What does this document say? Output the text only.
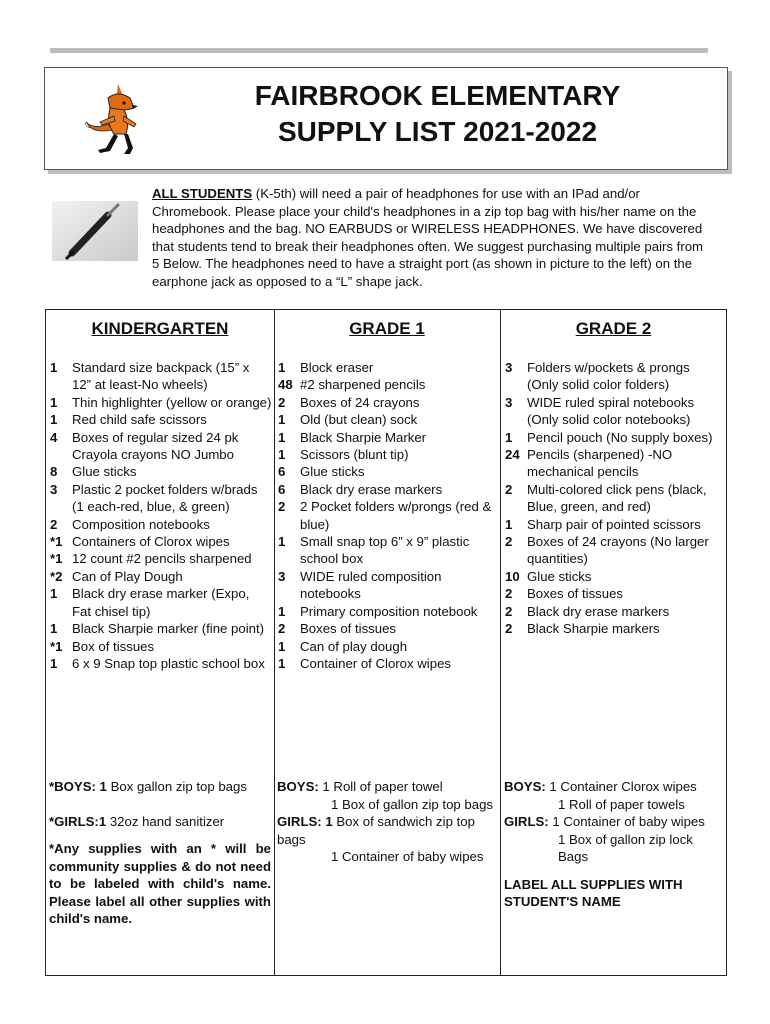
FAIRBROOK ELEMENTARY
SUPPLY LIST 2021-2022
ALL STUDENTS (K-5th) will need a pair of headphones for use with an IPad and/or Chromebook. Please place your child's headphones in a zip top bag with his/her name on the headphones and the bag. NO EARBUDS or WIRELESS HEADPHONES. We have discovered that students tend to break their headphones often. We suggest purchasing multiple pairs from 5 Below. The headphones need to have a straight port (as shown in picture to the left) on the earphone jack as opposed to a “L” shape jack.
KINDERGARTEN
1	Standard size backpack (15” x 12” at least-No wheels)
1	Thin highlighter (yellow or orange)
1	Red child safe scissors
4	Boxes of regular sized 24 pk Crayola crayons NO Jumbo
8	Glue sticks
3	Plastic 2 pocket folders w/brads (1 each-red, blue, & green)
2	Composition notebooks
*1 Containers of Clorox wipes
*1 12 count #2 pencils sharpened
*2 Can of Play Dough
1	Black dry erase marker (Expo, Fat chisel tip)
1	Black Sharpie marker (fine point)
*1 Box of tissues
1	6 x 9 Snap top plastic school box
*BOYS: 1 Box gallon zip top bags
*GIRLS:1 32oz hand sanitizer
*Any supplies with an * will be community supplies & do not need to be labeled with child's name. Please label all other supplies with child's name.
GRADE 1
1	Block eraser
48 #2 sharpened pencils
2	Boxes of 24 crayons
1	Old (but clean) sock
1	Black Sharpie Marker
1	Scissors (blunt tip)
6	Glue sticks
6	Black dry erase markers
2	2 Pocket folders w/prongs (red & blue)
1	Small snap top 6” x 9” plastic school box
3	WIDE ruled composition notebooks
1	Primary composition notebook
2	Boxes of tissues
1	Can of play dough
1	Container of Clorox wipes
BOYS: 1 Roll of paper towel
1 Box of gallon zip top bags
GIRLS: 1 Box of sandwich zip top bags
1 Container of baby wipes
GRADE 2
3	Folders w/pockets & prongs (Only solid color folders)
3	WIDE ruled spiral notebooks (Only solid color notebooks)
1	Pencil pouch (No supply boxes)
24 Pencils (sharpened) -NO mechanical pencils
2	Multi-colored click pens (black, Blue, green, and red)
1	Sharp pair of pointed scissors
2	Boxes of 24 crayons (No larger quantities)
10 Glue sticks
2	Boxes of tissues
2	Black dry erase markers
2	Black Sharpie markers
BOYS: 1 Container Clorox wipes
1 Roll of paper towels
GIRLS: 1 Container of baby wipes
1 Box of gallon zip lock Bags
LABEL ALL SUPPLIES WITH STUDENT'S NAME
